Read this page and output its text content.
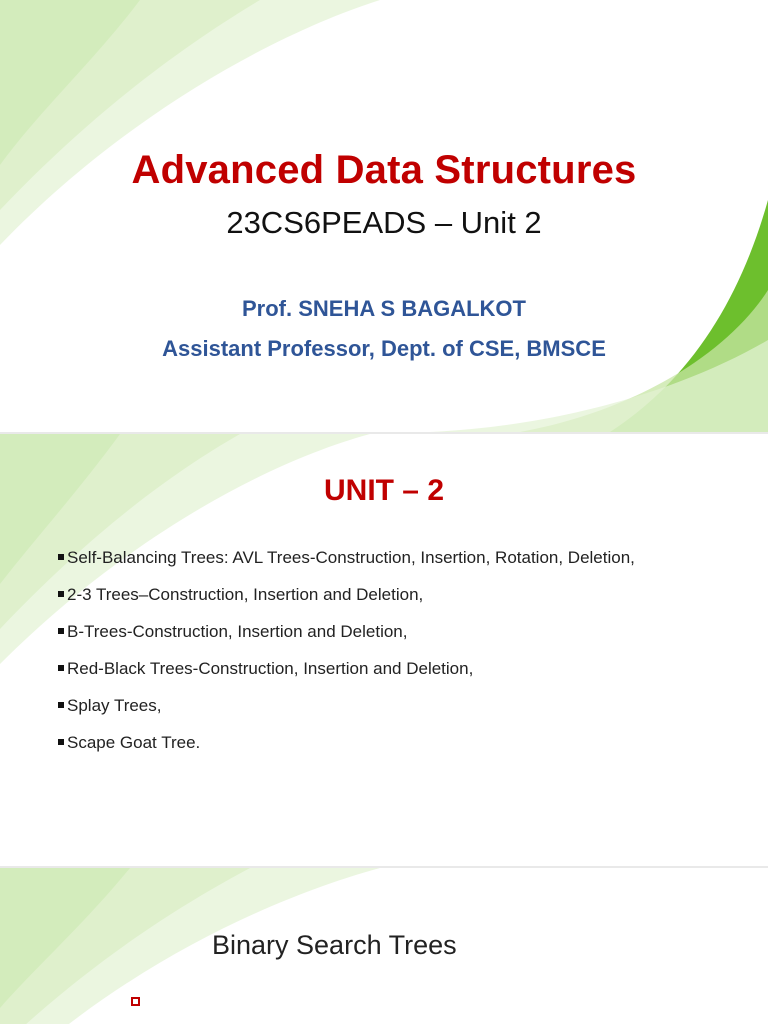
Advanced Data Structures
23CS6PEADS – Unit 2

Prof. SNEHA S BAGALKOT

Assistant Professor, Dept. of CSE, BMSCE

UNIT – 2
Self-Balancing Trees: AVL Trees-Construction, Insertion, Rotation, Deletion,
2-3 Trees–Construction, Insertion and Deletion,
B-Trees-Construction, Insertion and Deletion,
Red-Black Trees-Construction, Insertion and Deletion,
Splay Trees,
Scape Goat Tree.
Binary Search Trees
